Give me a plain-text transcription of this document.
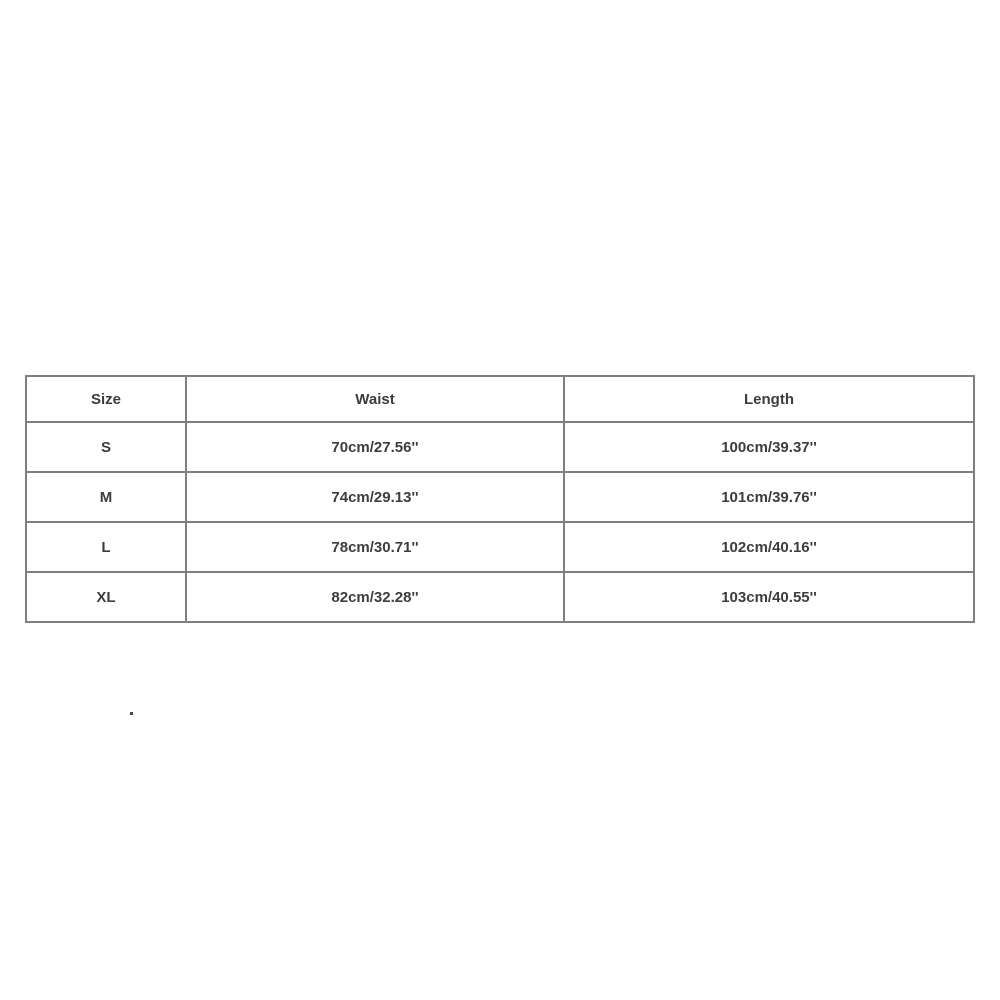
Size	Waist	Length
S	70cm/27.56''	100cm/39.37''
M	74cm/29.13''	101cm/39.76''
L	78cm/30.71''	102cm/40.16''
XL	82cm/32.28''	103cm/40.55''
